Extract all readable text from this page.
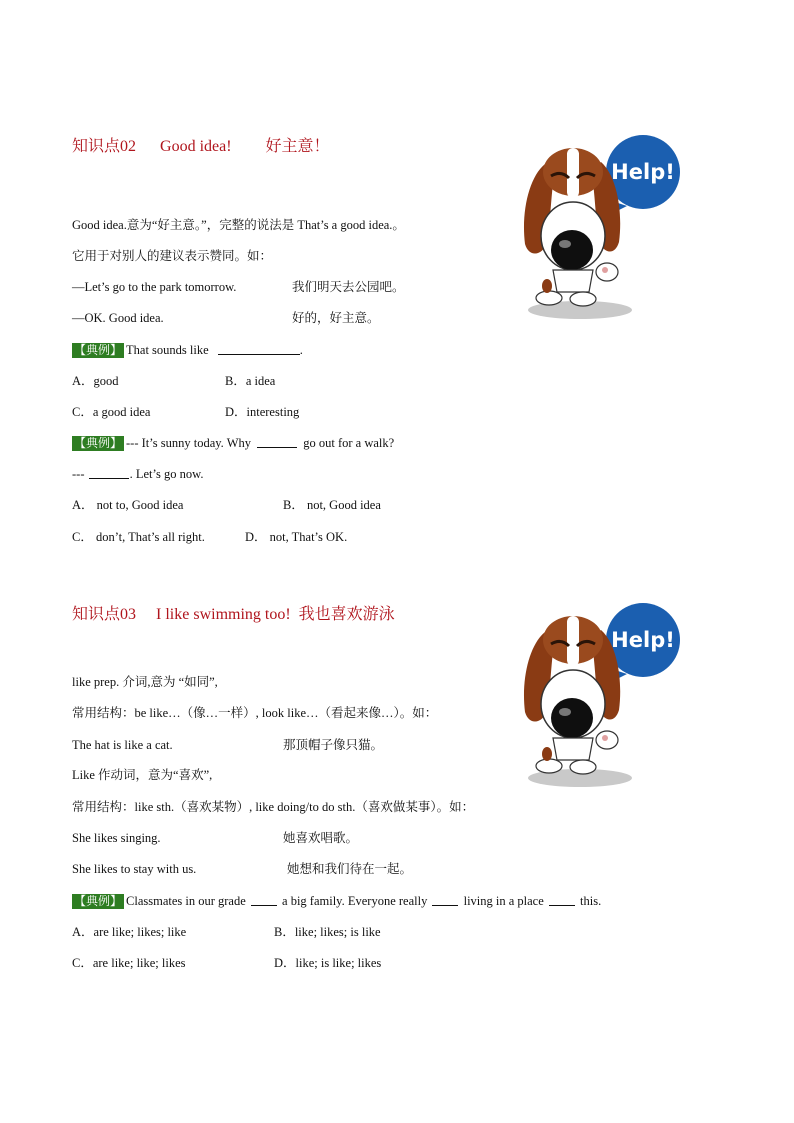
知识点02 Good idea! 好主意！
Help!
Good idea.意为“好主意。”，完整的说法是 That’s a good idea.。
它用于对别人的建议表示赞同。如：
—Let’s go to the park tomorrow.	我们明天去公园吧。
—OK. Good idea.	好的，好主意。
【典例】 That sounds like	.
A．good	B．a idea
C．a good idea	D．interesting
【典例】 --- It’s sunny today. Why	go out for a walk?
---	. Let’s go now.
A． not to, Good idea	B． not, Good idea
C． don’t, That’s all right.	D． not, That’s OK.
知识点03 I like swimming too! 我也喜欢游泳
Help!
like prep. 介词,意为 “如同”,
常用结构：be like…（像…一样）, look like…（看起来像…）。如：
The hat is like a cat.	那顶帽子像只猫。
Like 作动词，意为“喜欢”,
常用结构：like sth.（喜欢某物）, like doing/to do sth.（喜欢做某事）。如：
She likes singing.	她喜欢唱歌。
She likes to stay with us.	她想和我们待在一起。
【典例】 Classmates in our grade	a big family. Everyone really	living in a place	this.
A．are like; likes; like	B．like; likes; is like
C．are like; like; likes	D．like; is like; likes
